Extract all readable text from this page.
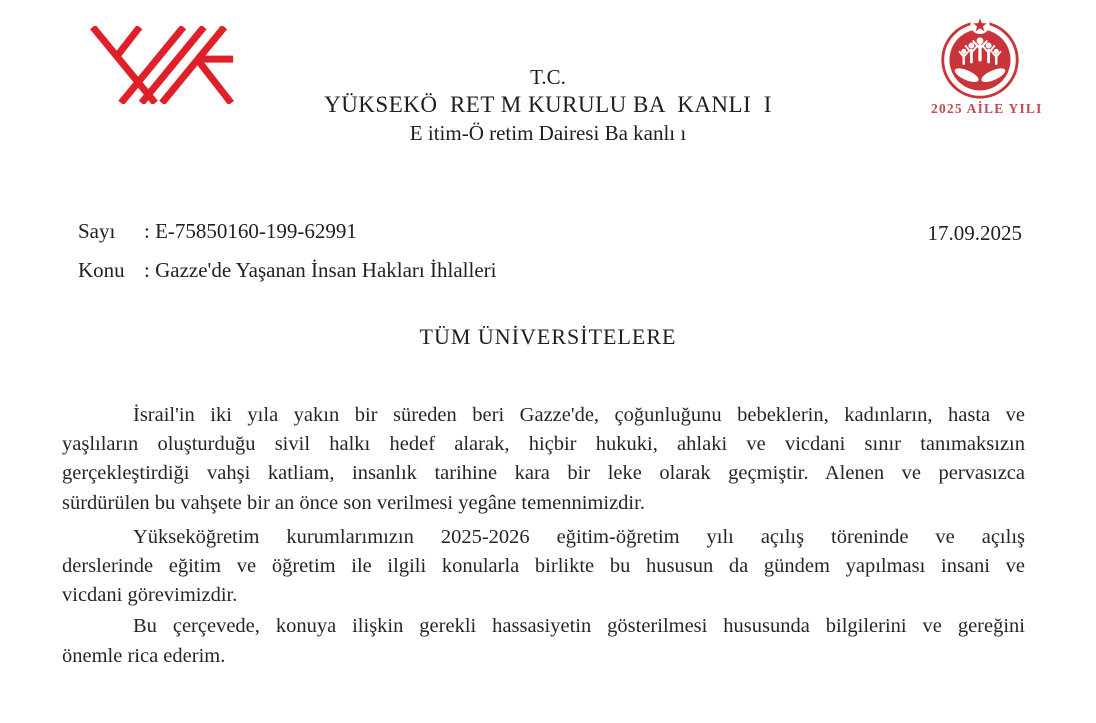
T.C.
YÜKSEKÖ  RET M KURULU BA  KANLI  I
E itim-Ö retim Dairesi Ba kanlı ı
2025 AİLE YILI
Sayı : E-75850160-199-62991
Konu : Gazze'de Yaşanan İnsan Hakları İhlalleri
17.09.2025
TÜM ÜNİVERSİTELERE
İsrail'in iki yıla yakın bir süreden beri Gazze'de, çoğunluğunu bebeklerin, kadınların, hasta ve
yaşlıların oluşturduğu sivil halkı hedef alarak, hiçbir hukuki, ahlaki ve vicdani sınır tanımaksızın
gerçekleştirdiği vahşi katliam, insanlık tarihine kara bir leke olarak geçmiştir. Alenen ve pervasızca
sürdürülen bu vahşete bir an önce son verilmesi yegâne temennimizdir.
Yükseköğretim kurumlarımızın 2025-2026 eğitim-öğretim yılı açılış töreninde ve açılış
derslerinde eğitim ve öğretim ile ilgili konularla birlikte bu hususun da gündem yapılması insani ve
vicdani görevimizdir.
Bu çerçevede, konuya ilişkin gerekli hassasiyetin gösterilmesi hususunda bilgilerini ve gereğini
önemle rica ederim.
